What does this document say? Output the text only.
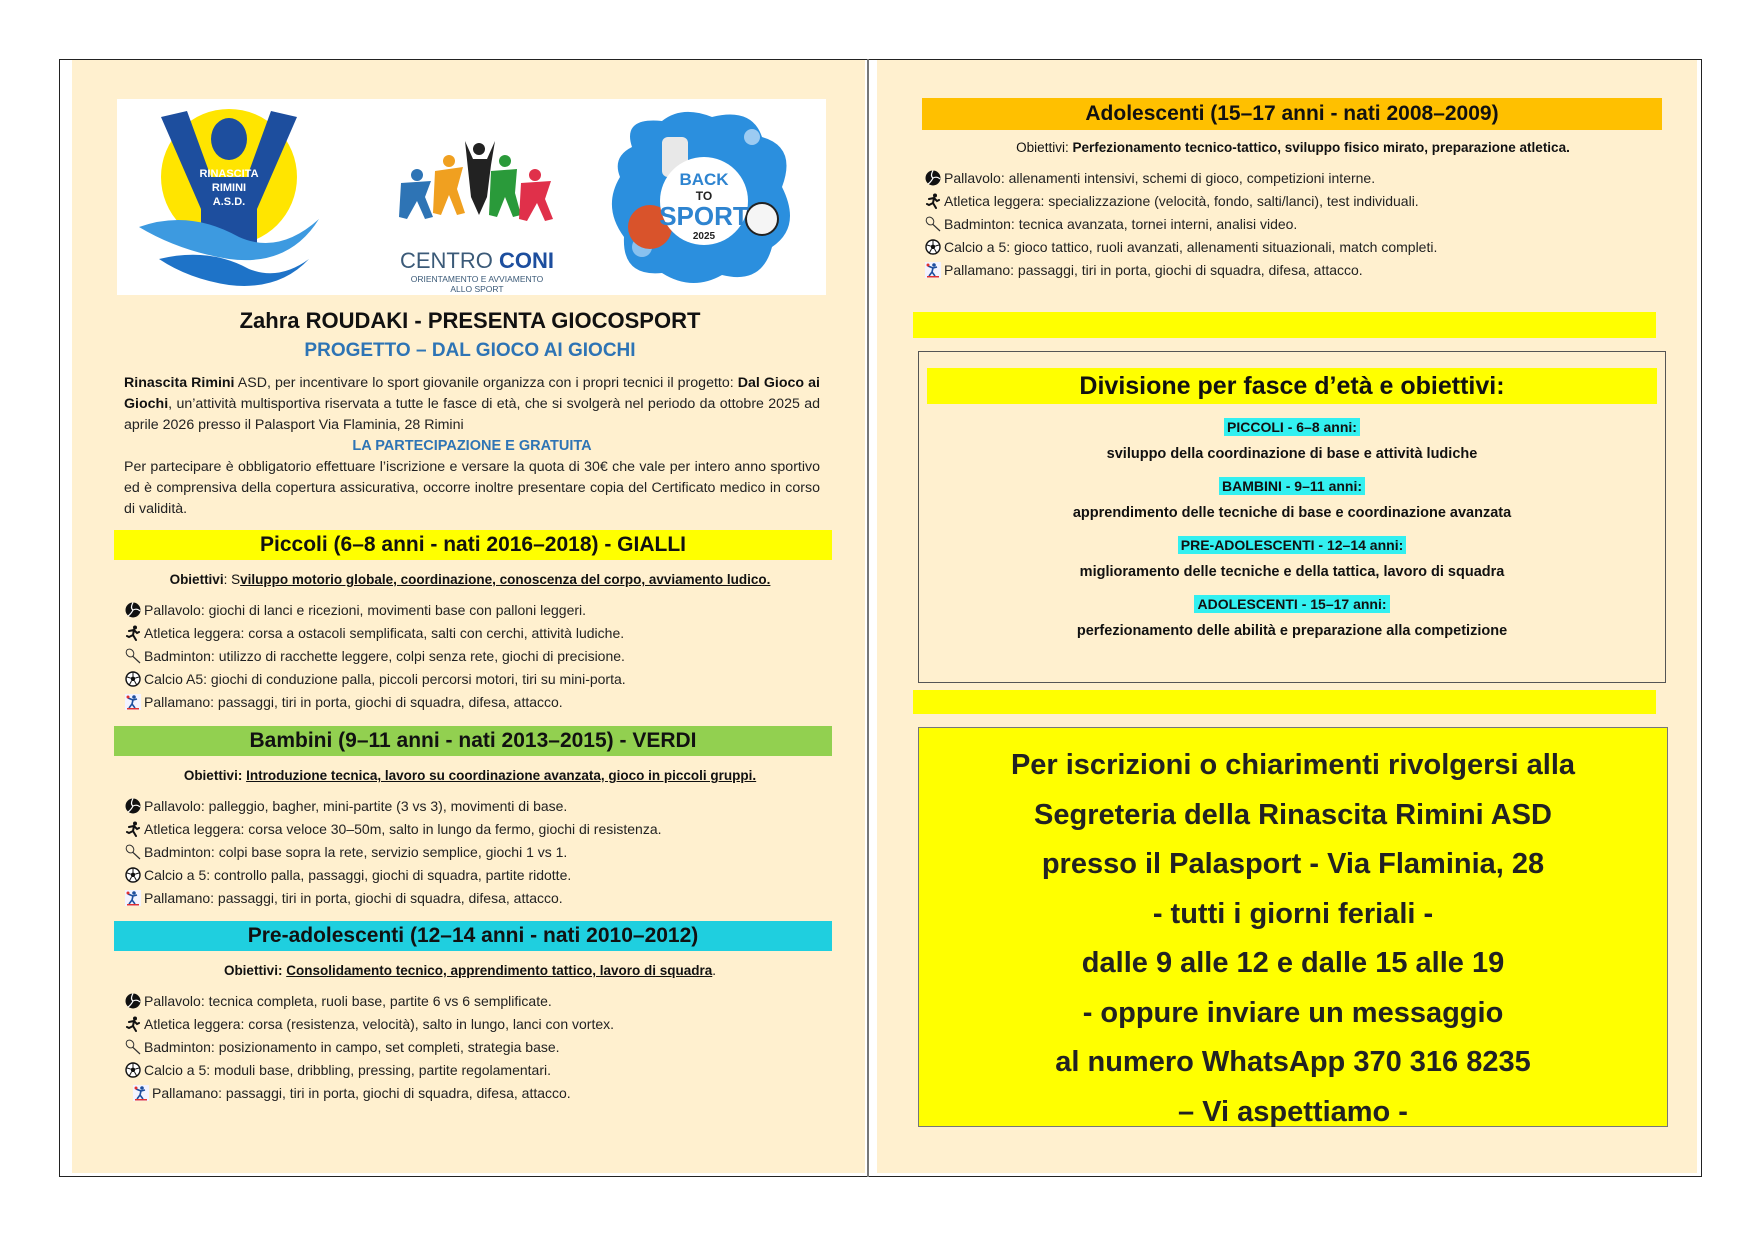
RINASCITA
RIMINI
A.S.D.
CENTRO CONI
ORIENTAMENTO E AVVIAMENTO
ALLO SPORT
BACK
TO
SPORT
2025
Zahra ROUDAKI - PRESENTA GIOCOSPORT
PROGETTO – DAL GIOCO AI GIOCHI
Rinascita Rimini ASD, per incentivare lo sport giovanile organizza con i propri tecnici il progetto: Dal Gioco ai Giochi, un’attività multisportiva riservata a tutte le fasce di età, che si svolgerà nel periodo da ottobre 2025 ad aprile 2026 presso il Palasport Via Flaminia, 28 Rimini
LA PARTECIPAZIONE E GRATUITA
Per partecipare è obbligatorio effettuare l’iscrizione e versare la quota di 30€ che vale per intero anno sportivo ed è comprensiva della copertura assicurativa, occorre inoltre presentare copia del Certificato medico in corso di validità.
Piccoli (6–8 anni - nati 2016–2018) - GIALLI
Obiettivi: Sviluppo motorio globale, coordinazione, conoscenza del corpo, avviamento ludico.
Pallavolo: giochi di lanci e ricezioni, movimenti base con palloni leggeri.
Atletica leggera: corsa a ostacoli semplificata, salti con cerchi, attività ludiche.
Badminton: utilizzo di racchette leggere, colpi senza rete, giochi di precisione.
Calcio A5: giochi di conduzione palla, piccoli percorsi motori, tiri su mini-porta.
Pallamano: passaggi, tiri in porta, giochi di squadra, difesa, attacco.
Bambini (9–11 anni - nati 2013–2015) - VERDI
Obiettivi: Introduzione tecnica, lavoro su coordinazione avanzata, gioco in piccoli gruppi.
Pallavolo: palleggio, bagher, mini-partite (3 vs 3), movimenti di base.
Atletica leggera: corsa veloce 30–50m, salto in lungo da fermo, giochi di resistenza.
Badminton: colpi base sopra la rete, servizio semplice, giochi 1 vs 1.
Calcio a 5: controllo palla, passaggi, giochi di squadra, partite ridotte.
Pallamano: passaggi, tiri in porta, giochi di squadra, difesa, attacco.
Pre-adolescenti (12–14 anni - nati 2010–2012)
Obiettivi: Consolidamento tecnico, apprendimento tattico, lavoro di squadra.
Pallavolo: tecnica completa, ruoli base, partite 6 vs 6 semplificate.
Atletica leggera: corsa (resistenza, velocità), salto in lungo, lanci con vortex.
Badminton: posizionamento in campo, set completi, strategia base.
Calcio a 5: moduli base, dribbling, pressing, partite regolamentari.
Pallamano: passaggi, tiri in porta, giochi di squadra, difesa, attacco.
Adolescenti (15–17 anni - nati 2008–2009)
Obiettivi: Perfezionamento tecnico-tattico, sviluppo fisico mirato, preparazione atletica.
Pallavolo: allenamenti intensivi, schemi di gioco, competizioni interne.
Atletica leggera: specializzazione (velocità, fondo, salti/lanci), test individuali.
Badminton: tecnica avanzata, tornei interni, analisi video.
Calcio a 5: gioco tattico, ruoli avanzati, allenamenti situazionali, match completi.
Pallamano: passaggi, tiri in porta, giochi di squadra, difesa, attacco.
Divisione per fasce d’età e obiettivi:
PICCOLI - 6–8 anni:
sviluppo della coordinazione di base e attività ludiche
BAMBINI - 9–11 anni:
apprendimento delle tecniche di base e coordinazione avanzata
PRE-ADOLESCENTI - 12–14 anni:
miglioramento delle tecniche e della tattica, lavoro di squadra
ADOLESCENTI - 15–17 anni:
perfezionamento delle abilità e preparazione alla competizione
Per iscrizioni o chiarimenti rivolgersi alla
Segreteria della Rinascita Rimini ASD
presso il Palasport - Via Flaminia, 28
- tutti i giorni feriali -
dalle 9 alle 12 e dalle 15 alle 19
- oppure inviare un messaggio
al numero WhatsApp 370 316 8235
– Vi aspettiamo -
